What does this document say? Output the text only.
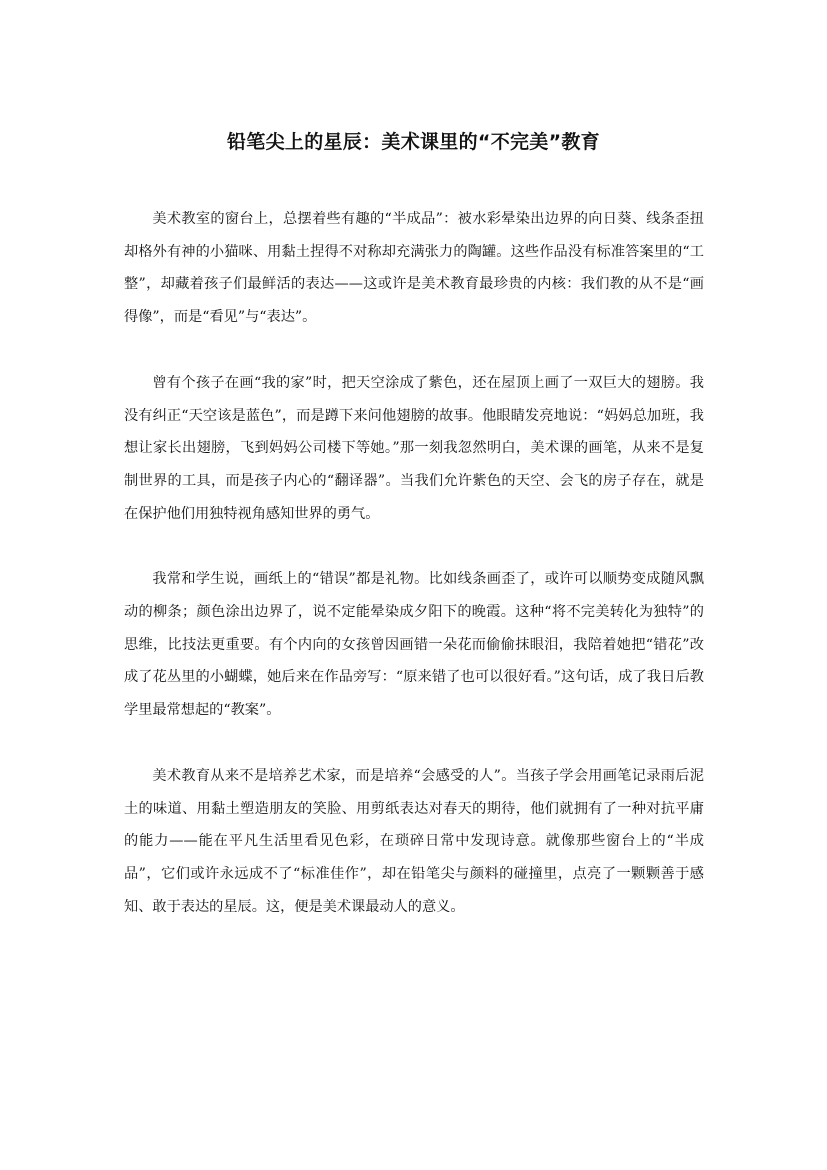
铅笔尖上的星辰：美术课里的“不完美”教育

美术教室的窗台上，总摆着些有趣的“半成品”：被水彩晕染出边界的向日葵、线条歪扭却格外有神的小猫咪、用黏土捏得不对称却充满张力的陶罐。这些作品没有标准答案里的“工整”，却藏着孩子们最鲜活的表达——这或许是美术教育最珍贵的内核：我们教的从不是“画得像”，而是“看见”与“表达”。

曾有个孩子在画“我的家”时，把天空涂成了紫色，还在屋顶上画了一双巨大的翅膀。我没有纠正“天空该是蓝色”，而是蹲下来问他翅膀的故事。他眼睛发亮地说：“妈妈总加班，我想让家长出翅膀，飞到妈妈公司楼下等她。”那一刻我忽然明白，美术课的画笔，从来不是复制世界的工具，而是孩子内心的“翻译器”。当我们允许紫色的天空、会飞的房子存在，就是在保护他们用独特视角感知世界的勇气。

我常和学生说，画纸上的“错误”都是礼物。比如线条画歪了，或许可以顺势变成随风飘动的柳条；颜色涂出边界了，说不定能晕染成夕阳下的晚霞。这种“将不完美转化为独特”的思维，比技法更重要。有个内向的女孩曾因画错一朵花而偷偷抹眼泪，我陪着她把“错花”改成了花丛里的小蝴蝶，她后来在作品旁写：“原来错了也可以很好看。”这句话，成了我日后教学里最常想起的“教案”。

美术教育从来不是培养艺术家，而是培养“会感受的人”。当孩子学会用画笔记录雨后泥土的味道、用黏土塑造朋友的笑脸、用剪纸表达对春天的期待，他们就拥有了一种对抗平庸的能力——能在平凡生活里看见色彩，在琐碎日常中发现诗意。就像那些窗台上的“半成品”，它们或许永远成不了“标准佳作”，却在铅笔尖与颜料的碰撞里，点亮了一颗颗善于感知、敢于表达的星辰。这，便是美术课最动人的意义。
